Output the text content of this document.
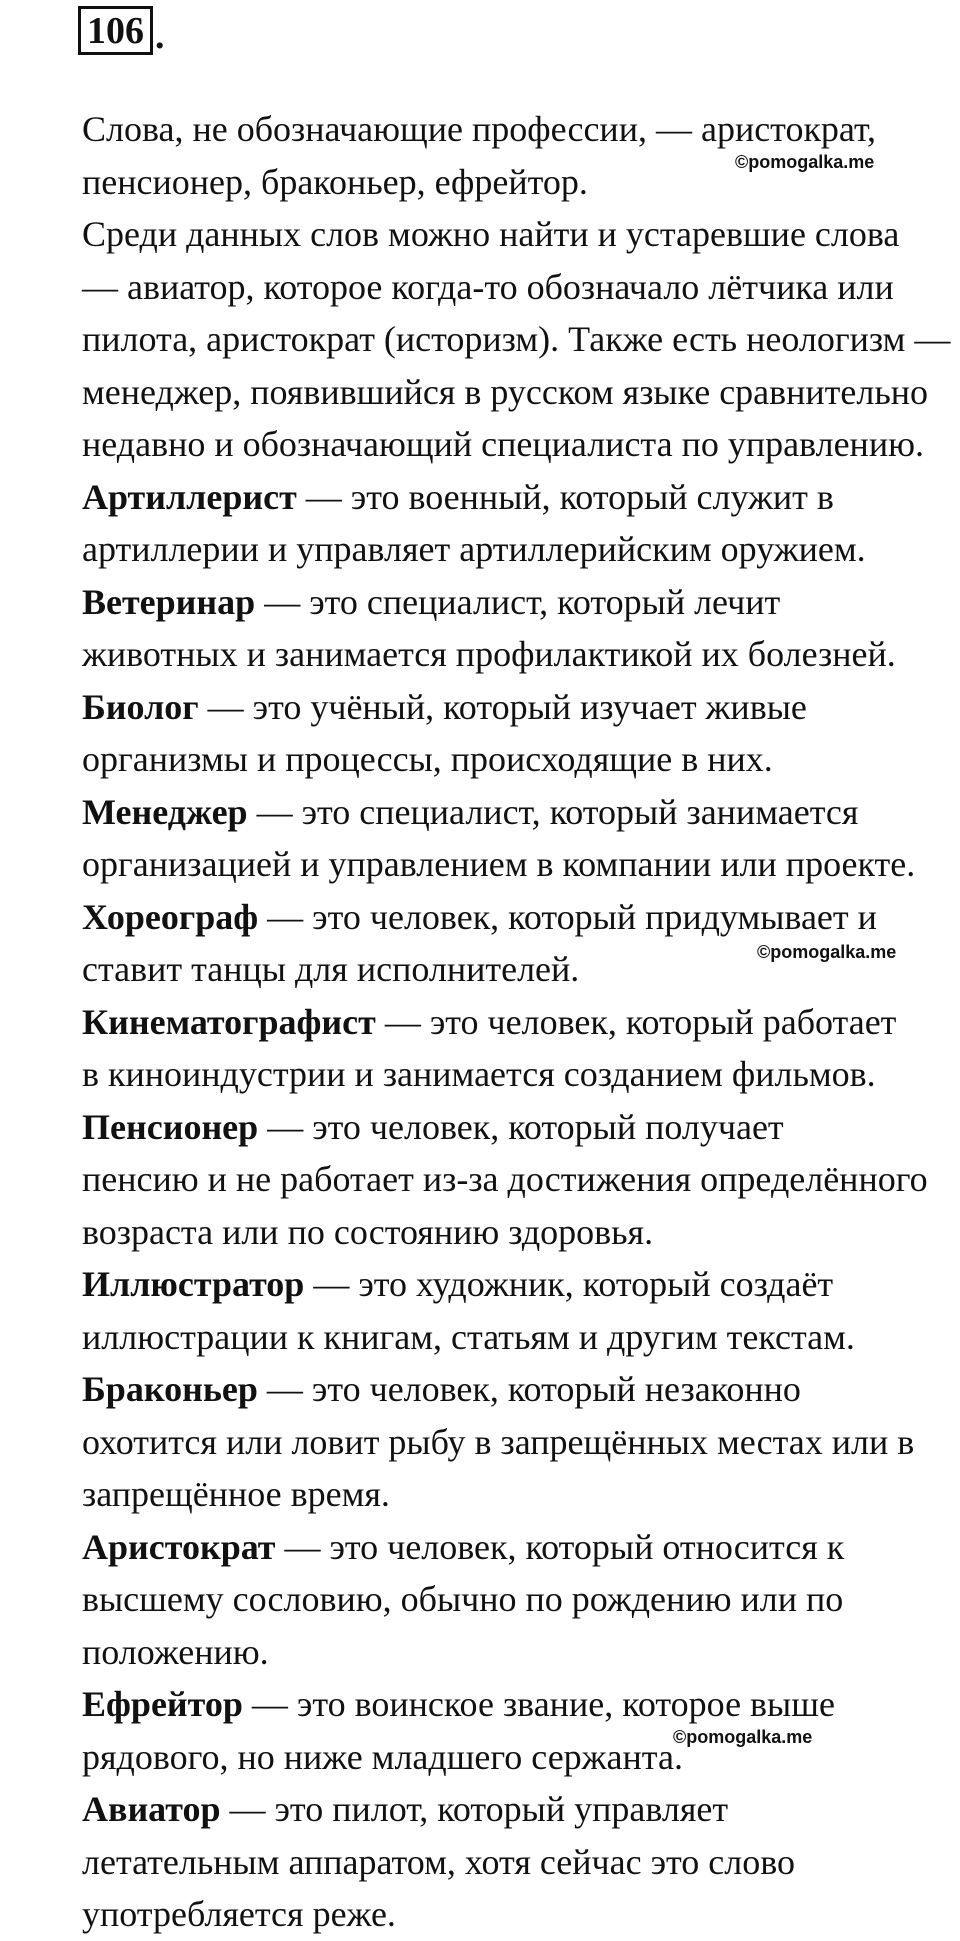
106 .

Слова, не обозначающие профессии, — аристократ,
пенсионер, браконьер, ефрейтор.

Среди данных слов можно найти и устаревшие слова
— авиатор, которое когда-то обозначало лётчика или
пилота, аристократ (историзм). Также есть неологизм —
менеджер, появившийся в русском языке сравнительно
недавно и обозначающий специалиста по управлению.

Артиллерист — это военный, который служит в
артиллерии и управляет артиллерийским оружием.

Ветеринар — это специалист, который лечит
животных и занимается профилактикой их болезней.

Биолог — это учёный, который изучает живые
организмы и процессы, происходящие в них.

Менеджер — это специалист, который занимается
организацией и управлением в компании или проекте.

Хореограф — это человек, который придумывает и
ставит танцы для исполнителей.

Кинематографист — это человек, который работает
в киноиндустрии и занимается созданием фильмов.

Пенсионер — это человек, который получает
пенсию и не работает из-за достижения определённого
возраста или по состоянию здоровья.

Иллюстратор — это художник, который создаёт
иллюстрации к книгам, статьям и другим текстам.

Браконьер — это человек, который незаконно
охотится или ловит рыбу в запрещённых местах или в
запрещённое время.

Аристократ — это человек, который относится к
высшему сословию, обычно по рождению или по
положению.

Ефрейтор — это воинское звание, которое выше
рядового, но ниже младшего сержанта.

Авиатор — это пилот, который управляет
летательным аппаратом, хотя сейчас это слово
употребляется реже.

©pomogalka.me
©pomogalka.me
©pomogalka.me
